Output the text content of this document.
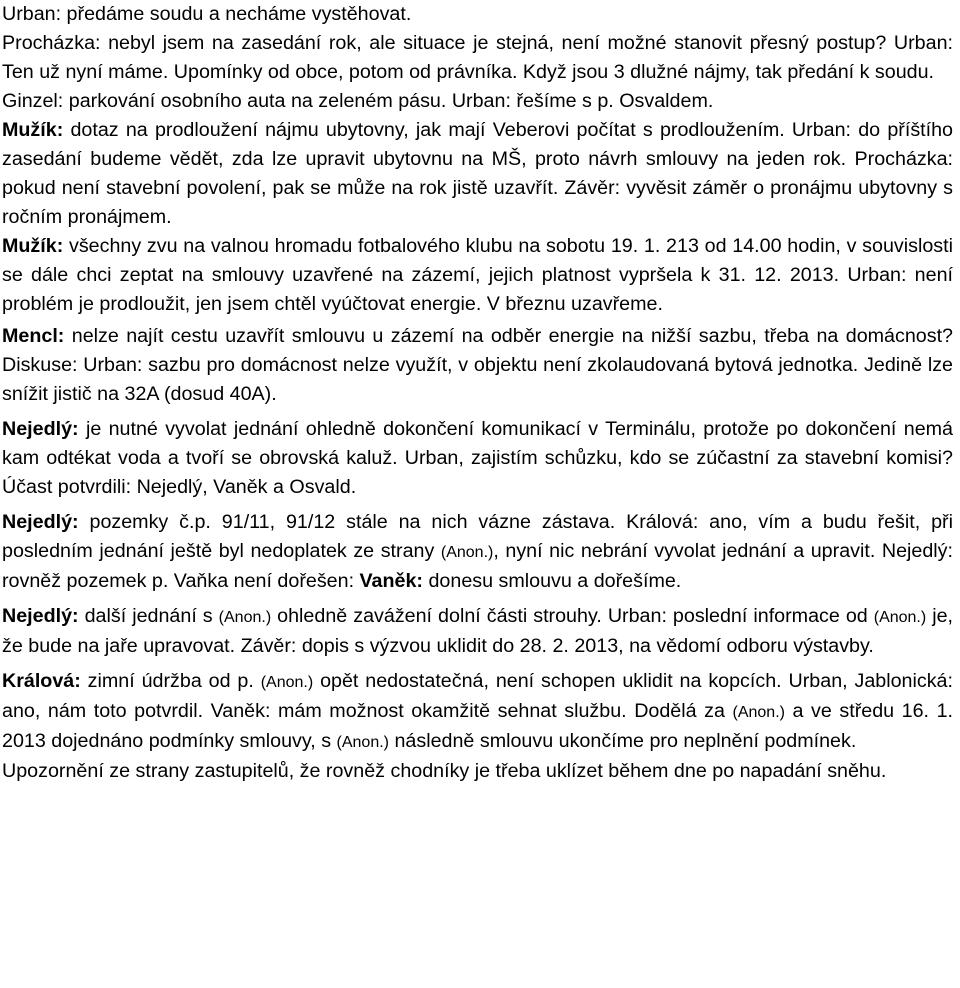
Urban: předáme soudu a necháme vystěhovat.

Procházka: nebyl jsem na zasedání rok, ale situace je stejná, není možné stanovit přesný postup? Urban: Ten už nyní máme. Upomínky od obce, potom od právníka. Když jsou 3 dlužné nájmy, tak předání k soudu.

Ginzel: parkování osobního auta na zeleném pásu. Urban: řešíme s p. Osvaldem.

Mužík: dotaz na prodloužení nájmu ubytovny, jak mají Veberovi počítat s prodloužením. Urban: do příštího zasedání budeme vědět, zda lze upravit ubytovnu na MŠ, proto návrh smlouvy na jeden rok. Procházka: pokud není stavební povolení, pak se může na rok jistě uzavřít. Závěr: vyvěsit záměr o pronájmu ubytovny s ročním pronájmem.

Mužík: všechny zvu na valnou hromadu fotbalového klubu na sobotu 19. 1. 213 od 14.00 hodin, v souvislosti se dále chci zeptat na smlouvy uzavřené na zázemí, jejich platnost vypršela k 31. 12. 2013. Urban: není problém je prodloužit, jen jsem chtěl vyúčtovat energie. V březnu uzavřeme.

Mencl: nelze najít cestu uzavřít smlouvu u zázemí na odběr energie na nižší sazbu, třeba na domácnost? Diskuse: Urban: sazbu pro domácnost nelze využít, v objektu není zkolaudovaná bytová jednotka. Jedině lze snížit jistič na 32A (dosud 40A).

Nejedlý: je nutné vyvolat jednání ohledně dokončení komunikací v Terminálu, protože po dokončení nemá kam odtékat voda a tvoří se obrovská kaluž. Urban, zajistím schůzku, kdo se zúčastní za stavební komisi? Účast potvrdili: Nejedlý, Vaněk a Osvald.

Nejedlý: pozemky č.p. 91/11, 91/12 stále na nich vázne zástava. Králová: ano, vím a budu řešit, při posledním jednání ještě byl nedoplatek ze strany (Anon.), nyní nic nebrání vyvolat jednání a upravit. Nejedlý: rovněž pozemek p. Vaňka není dořešen: Vaněk: donesu smlouvu a dořešíme.

Nejedlý: další jednání s (Anon.) ohledně zavážení dolní části strouhy. Urban: poslední informace od (Anon.) je, že bude na jaře upravovat. Závěr: dopis s výzvou uklidit do 28. 2. 2013, na vědomí odboru výstavby.

Králová: zimní údržba od p. (Anon.) opět nedostatečná, není schopen uklidit na kopcích. Urban, Jablonická: ano, nám toto potvrdil. Vaněk: mám možnost okamžitě sehnat službu. Dodělá za (Anon.) a ve středu 16. 1. 2013 dojednáno podmínky smlouvy, s (Anon.) následně smlouvu ukončíme pro neplnění podmínek.

Upozornění ze strany zastupitelů, že rovněž chodníky je třeba uklízet během dne po napadání sněhu.
